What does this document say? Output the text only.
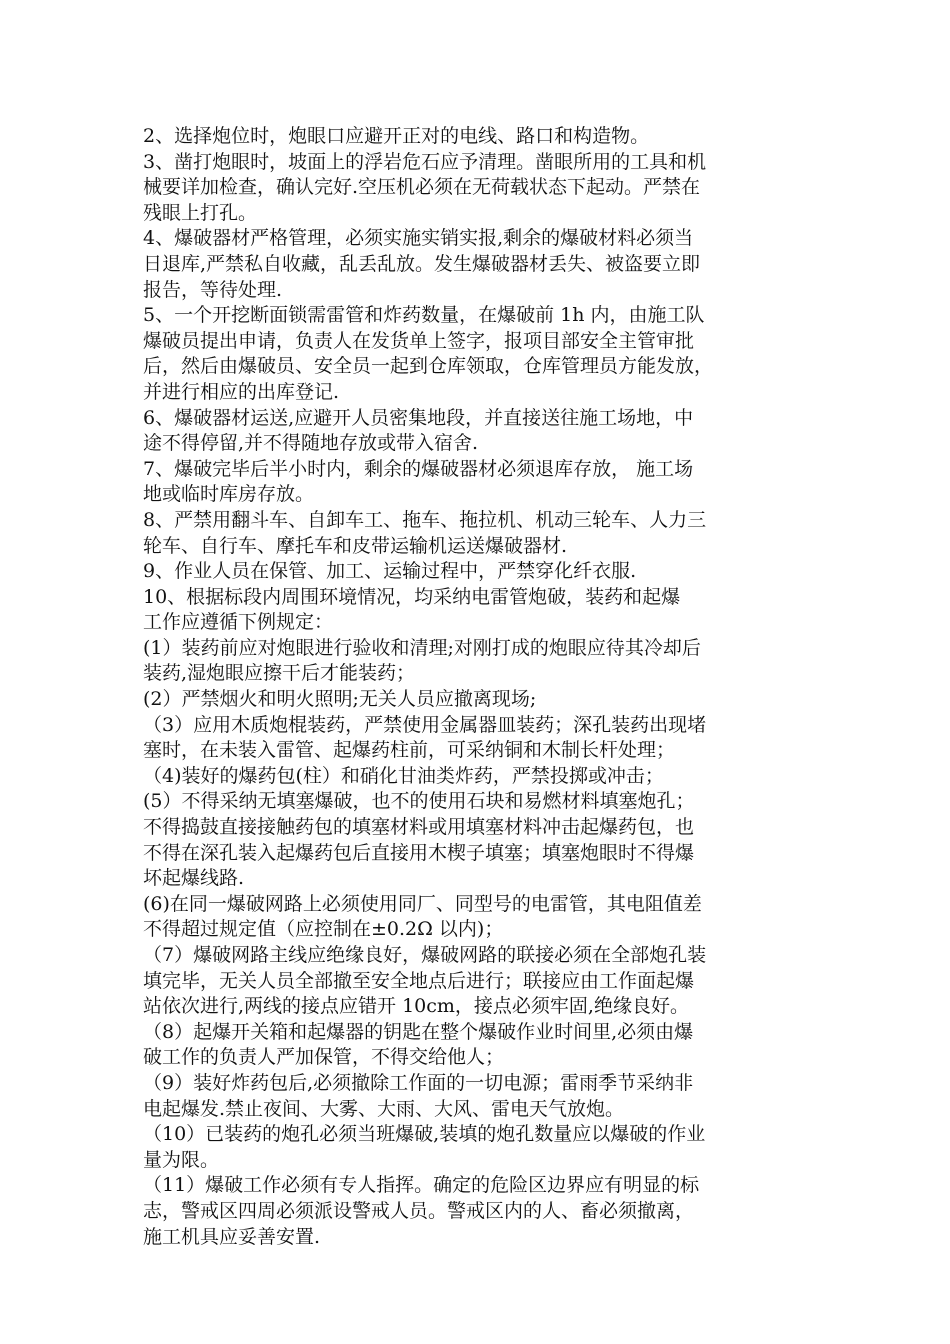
2、选择炮位时，炮眼口应避开正对的电线、路口和构造物。

3、凿打炮眼时，坡面上的浮岩危石应予清理。凿眼所用的工具和机
械要详加检查，确认完好.空压机必须在无荷载状态下起动。严禁在
残眼上打孔。

4、爆破器材严格管理，必须实施实销实报,剩余的爆破材料必须当
日退库,严禁私自收藏，乱丢乱放。发生爆破器材丢失、被盗要立即
报告，等待处理.

5、一个开挖断面锁需雷管和炸药数量，在爆破前 1h 内，由施工队
爆破员提出申请，负责人在发货单上签字，报项目部安全主管审批
后，然后由爆破员、安全员一起到仓库领取，仓库管理员方能发放，
并进行相应的出库登记.

6、爆破器材运送,应避开人员密集地段，并直接送往施工场地，中
途不得停留,并不得随地存放或带入宿舍.

7、爆破完毕后半小时内，剩余的爆破器材必须退库存放， 施工场
地或临时库房存放。

8、严禁用翻斗车、自卸车工、拖车、拖拉机、机动三轮车、人力三
轮车、自行车、摩托车和皮带运输机运送爆破器材.

9、作业人员在保管、加工、运输过程中，严禁穿化纤衣服.

10、根据标段内周围环境情况，均采纳电雷管炮破，装药和起爆
工作应遵循下例规定：

(1）装药前应对炮眼进行验收和清理;对刚打成的炮眼应待其冷却后
装药,湿炮眼应擦干后才能装药；

(2）严禁烟火和明火照明;无关人员应撤离现场;

（3）应用木质炮棍装药，严禁使用金属器皿装药；深孔装药出现堵
塞时，在未装入雷管、起爆药柱前，可采纳铜和木制长杆处理；

（4)装好的爆药包(柱）和硝化甘油类炸药，严禁投掷或冲击；

(5）不得采纳无填塞爆破，也不的使用石块和易燃材料填塞炮孔；
不得捣鼓直接接触药包的填塞材料或用填塞材料冲击起爆药包，也
不得在深孔装入起爆药包后直接用木楔子填塞；填塞炮眼时不得爆
坏起爆线路.

(6)在同一爆破网路上必须使用同厂、同型号的电雷管，其电阻值差
不得超过规定值（应控制在±0.2Ω 以内)；

（7）爆破网路主线应绝缘良好，爆破网路的联接必须在全部炮孔装
填完毕，无关人员全部撤至安全地点后进行；联接应由工作面起爆
站依次进行,两线的接点应错开 10cm，接点必须牢固,绝缘良好。

（8）起爆开关箱和起爆器的钥匙在整个爆破作业时间里,必须由爆
破工作的负责人严加保管，不得交给他人；

（9）装好炸药包后,必须撤除工作面的一切电源；雷雨季节采纳非
电起爆发.禁止夜间、大雾、大雨、大风、雷电天气放炮。

（10）已装药的炮孔必须当班爆破,装填的炮孔数量应以爆破的作业
量为限。

（11）爆破工作必须有专人指挥。确定的危险区边界应有明显的标
志，警戒区四周必须派设警戒人员。警戒区内的人、畜必须撤离，
施工机具应妥善安置.
